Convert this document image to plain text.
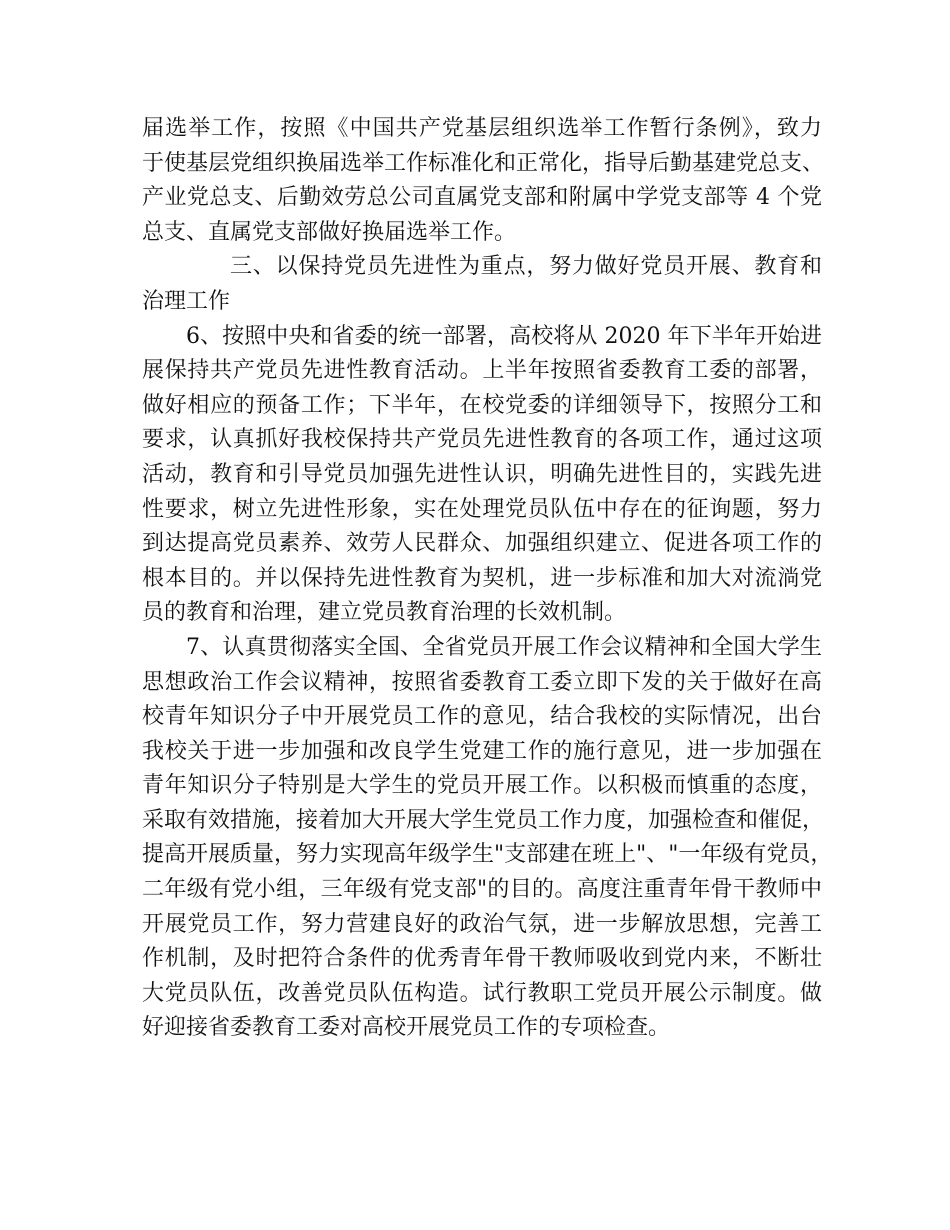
届选举工作，按照《中国共产党基层组织选举工作暂行条例》，致力
于使基层党组织换届选举工作标准化和正常化，指导后勤基建党总支、
产业党总支、后勤效劳总公司直属党支部和附属中学党支部等 4 个党
总支、直属党支部做好换届选举工作。
三、以保持党员先进性为重点，努力做好党员开展、教育和
治理工作
6、按照中央和省委的统一部署，高校将从 2020 年下半年开始进
展保持共产党员先进性教育活动。上半年按照省委教育工委的部署，
做好相应的预备工作；下半年，在校党委的详细领导下，按照分工和
要求，认真抓好我校保持共产党员先进性教育的各项工作，通过这项
活动，教育和引导党员加强先进性认识，明确先进性目的，实践先进
性要求，树立先进性形象，实在处理党员队伍中存在的征询题，努力
到达提高党员素养、效劳人民群众、加强组织建立、促进各项工作的
根本目的。并以保持先进性教育为契机，进一步标准和加大对流淌党
员的教育和治理，建立党员教育治理的长效机制。
7、认真贯彻落实全国、全省党员开展工作会议精神和全国大学生
思想政治工作会议精神，按照省委教育工委立即下发的关于做好在高
校青年知识分子中开展党员工作的意见，结合我校的实际情况，出台
我校关于进一步加强和改良学生党建工作的施行意见，进一步加强在
青年知识分子特别是大学生的党员开展工作。以积极而慎重的态度，
采取有效措施，接着加大开展大学生党员工作力度，加强检查和催促，
提高开展质量，努力实现高年级学生"支部建在班上"、"一年级有党员，
二年级有党小组，三年级有党支部"的目的。高度注重青年骨干教师中
开展党员工作，努力营建良好的政治气氛，进一步解放思想，完善工
作机制，及时把符合条件的优秀青年骨干教师吸收到党内来，不断壮
大党员队伍，改善党员队伍构造。试行教职工党员开展公示制度。做
好迎接省委教育工委对高校开展党员工作的专项检查。
